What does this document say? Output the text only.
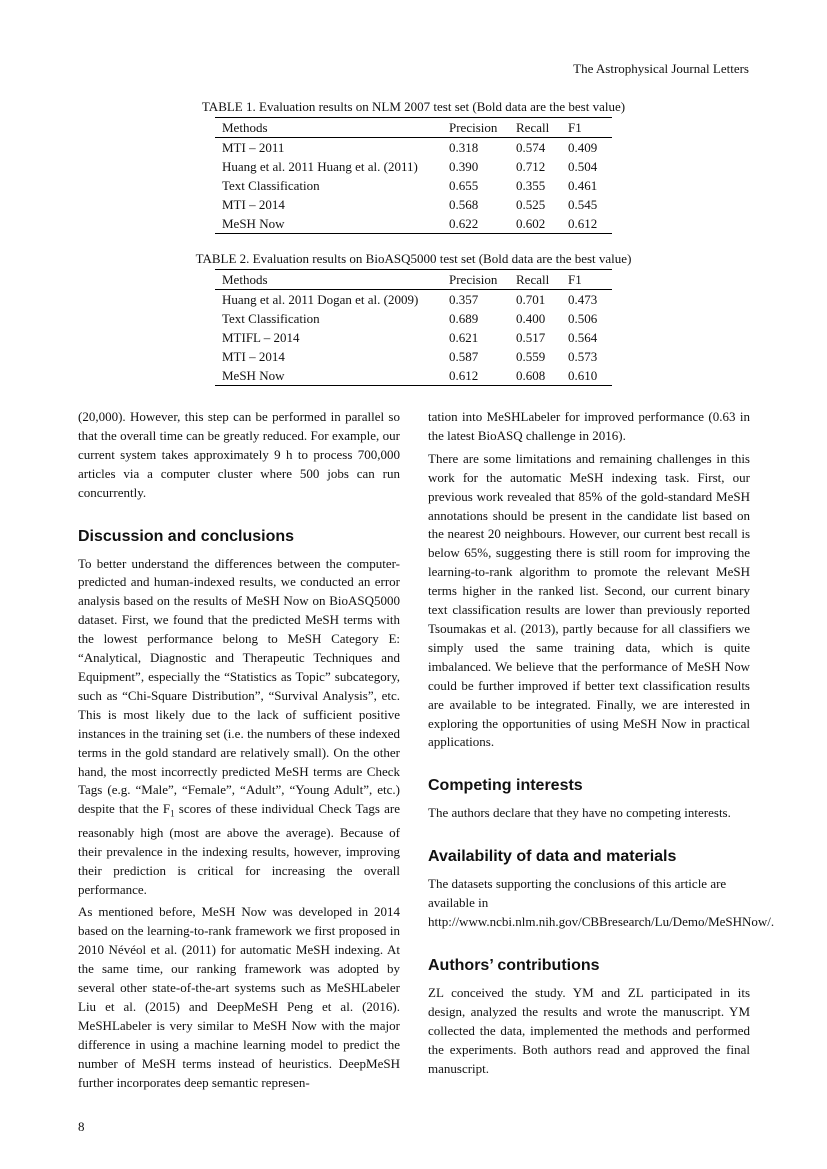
The Astrophysical Journal Letters
TABLE 1. Evaluation results on NLM 2007 test set (Bold data are the best value)
Methods	Precision	Recall	F1
MTI – 2011	0.318	0.574	0.409
Huang et al. 2011 Huang et al. (2011)	0.390	0.712	0.504
Text Classification	0.655	0.355	0.461
MTI – 2014	0.568	0.525	0.545
MeSH Now	0.622	0.602	0.612
TABLE 2. Evaluation results on BioASQ5000 test set (Bold data are the best value)
Methods	Precision	Recall	F1
Huang et al. 2011 Dogan et al. (2009)	0.357	0.701	0.473
Text Classification	0.689	0.400	0.506
MTIFL – 2014	0.621	0.517	0.564
MTI – 2014	0.587	0.559	0.573
MeSH Now	0.612	0.608	0.610

(20,000). However, this step can be performed in parallel so that the overall time can be greatly reduced. For example, our current system takes approximately 9 h to process 700,000 articles via a computer cluster where 500 jobs can run concurrently.

Discussion and conclusions

To better understand the differences between the computer-predicted and human-indexed results, we conducted an error analysis based on the results of MeSH Now on BioASQ5000 dataset. First, we found that the predicted MeSH terms with the lowest performance belong to MeSH Category E: “Analytical, Diagnostic and Therapeutic Techniques and Equipment”, especially the “Statistics as Topic” subcategory, such as “Chi-Square Distribution”, “Survival Analysis”, etc. This is most likely due to the lack of sufficient positive instances in the training set (i.e. the numbers of these indexed terms in the gold standard are relatively small). On the other hand, the most incorrectly predicted MeSH terms are Check Tags (e.g. “Male”, “Female”, “Adult”, “Young Adult”, etc.) despite that the $F_1$ scores of these individual Check Tags are reasonably high (most are above the average). Because of their prevalence in the indexing results, however, improving their prediction is critical for increasing the overall performance.

As mentioned before, MeSH Now was developed in 2014 based on the learning-to-rank framework we first proposed in 2010 Névéol et al. (2011) for automatic MeSH indexing. At the same time, our ranking framework was adopted by several other state-of-the-art systems such as MeSHLabeler Liu et al. (2015) and DeepMeSH Peng et al. (2016). MeSHLabeler is very similar to MeSH Now with the major difference in using a machine learning model to predict the number of MeSH terms instead of heuristics. DeepMeSH further incorporates deep semantic represen-

tation into MeSHLabeler for improved performance (0.63 in the latest BioASQ challenge in 2016).

There are some limitations and remaining challenges in this work for the automatic MeSH indexing task. First, our previous work revealed that 85% of the gold-standard MeSH annotations should be present in the candidate list based on the nearest 20 neighbours. However, our current best recall is below 65%, suggesting there is still room for improving the learning-to-rank algorithm to promote the relevant MeSH terms higher in the ranked list. Second, our current binary text classification results are lower than previously reported Tsoumakas et al. (2013), partly because for all classifiers we simply used the same training data, which is quite imbalanced. We believe that the performance of MeSH Now could be further improved if better text classification results are available to be integrated. Finally, we are interested in exploring the opportunities of using MeSH Now in practical applications.

Competing interests

The authors declare that they have no competing interests.

Availability of data and materials

The datasets supporting the conclusions of this article are available in
http://www.ncbi.nlm.nih.gov/CBBresearch/Lu/Demo/MeSHNow/.

Authors’ contributions

ZL conceived the study. YM and ZL participated in its design, analyzed the results and wrote the manuscript. YM collected the data, implemented the methods and performed the experiments. Both authors read and approved the final manuscript.

8
